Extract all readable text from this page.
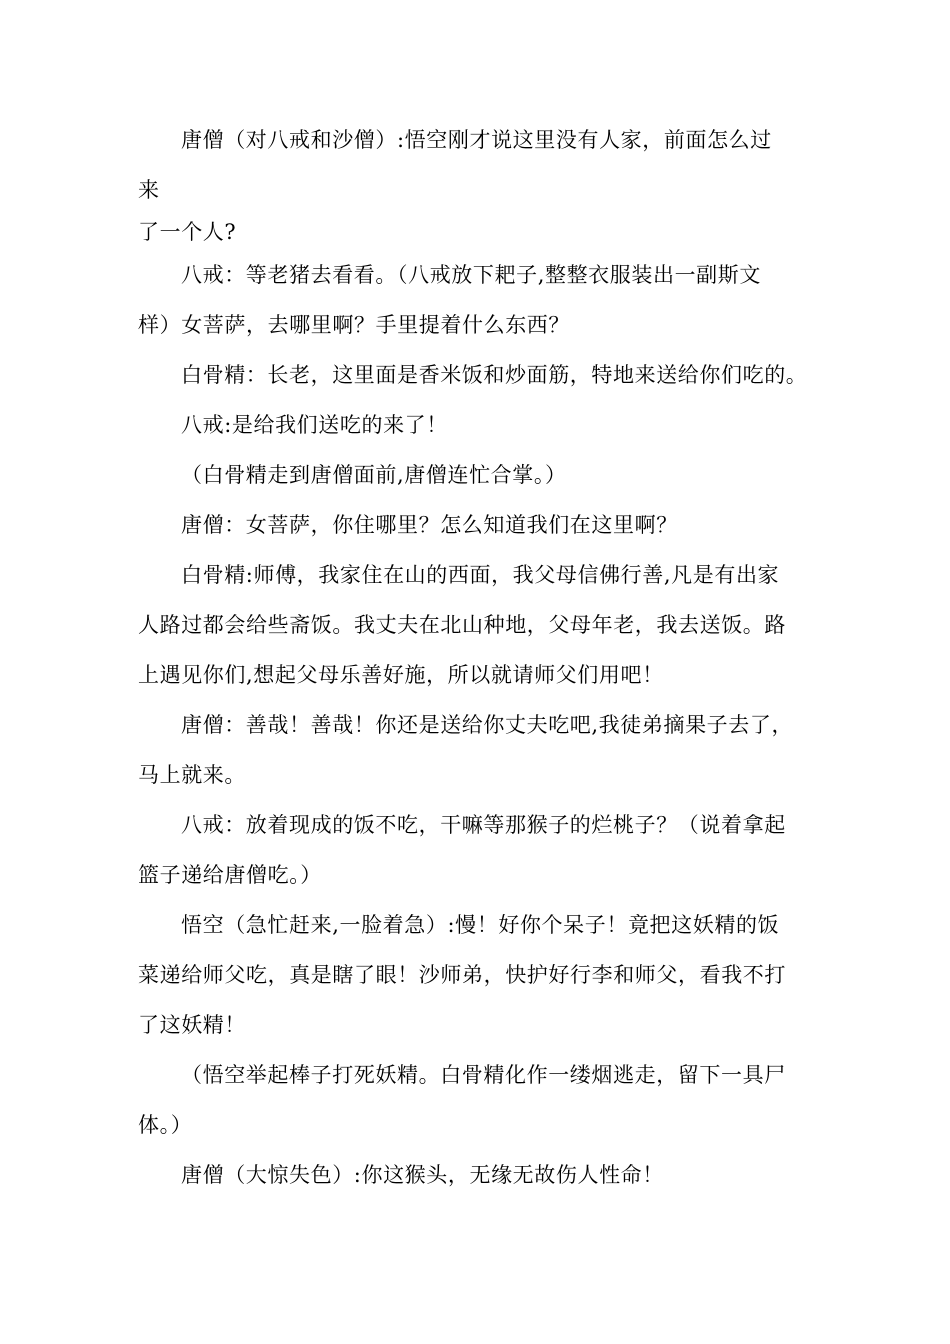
唐僧（对八戒和沙僧）:悟空刚才说这里没有人家，前面怎么过
来
了一个人?
八戒：等老猪去看看。（八戒放下耙子,整整衣服装出一副斯文
样）女菩萨，去哪里啊？手里提着什么东西？
白骨精：长老，这里面是香米饭和炒面筋，特地来送给你们吃的。
八戒:是给我们送吃的来了！
（白骨精走到唐僧面前,唐僧连忙合掌。）
唐僧：女菩萨，你住哪里？怎么知道我们在这里啊？
白骨精:师傅，我家住在山的西面，我父母信佛行善,凡是有出家
人路过都会给些斋饭。我丈夫在北山种地，父母年老，我去送饭。路
上遇见你们,想起父母乐善好施，所以就请师父们用吧！
唐僧：善哉！善哉！你还是送给你丈夫吃吧,我徒弟摘果子去了，
马上就来。
八戒：放着现成的饭不吃，干嘛等那猴子的烂桃子？（说着拿起
篮子递给唐僧吃。）
悟空（急忙赶来,一脸着急）:慢！好你个呆子！竟把这妖精的饭
菜递给师父吃，真是瞎了眼！沙师弟，快护好行李和师父，看我不打
了这妖精！
（悟空举起棒子打死妖精。白骨精化作一缕烟逃走，留下一具尸
体。）
唐僧（大惊失色）:你这猴头，无缘无故伤人性命！
